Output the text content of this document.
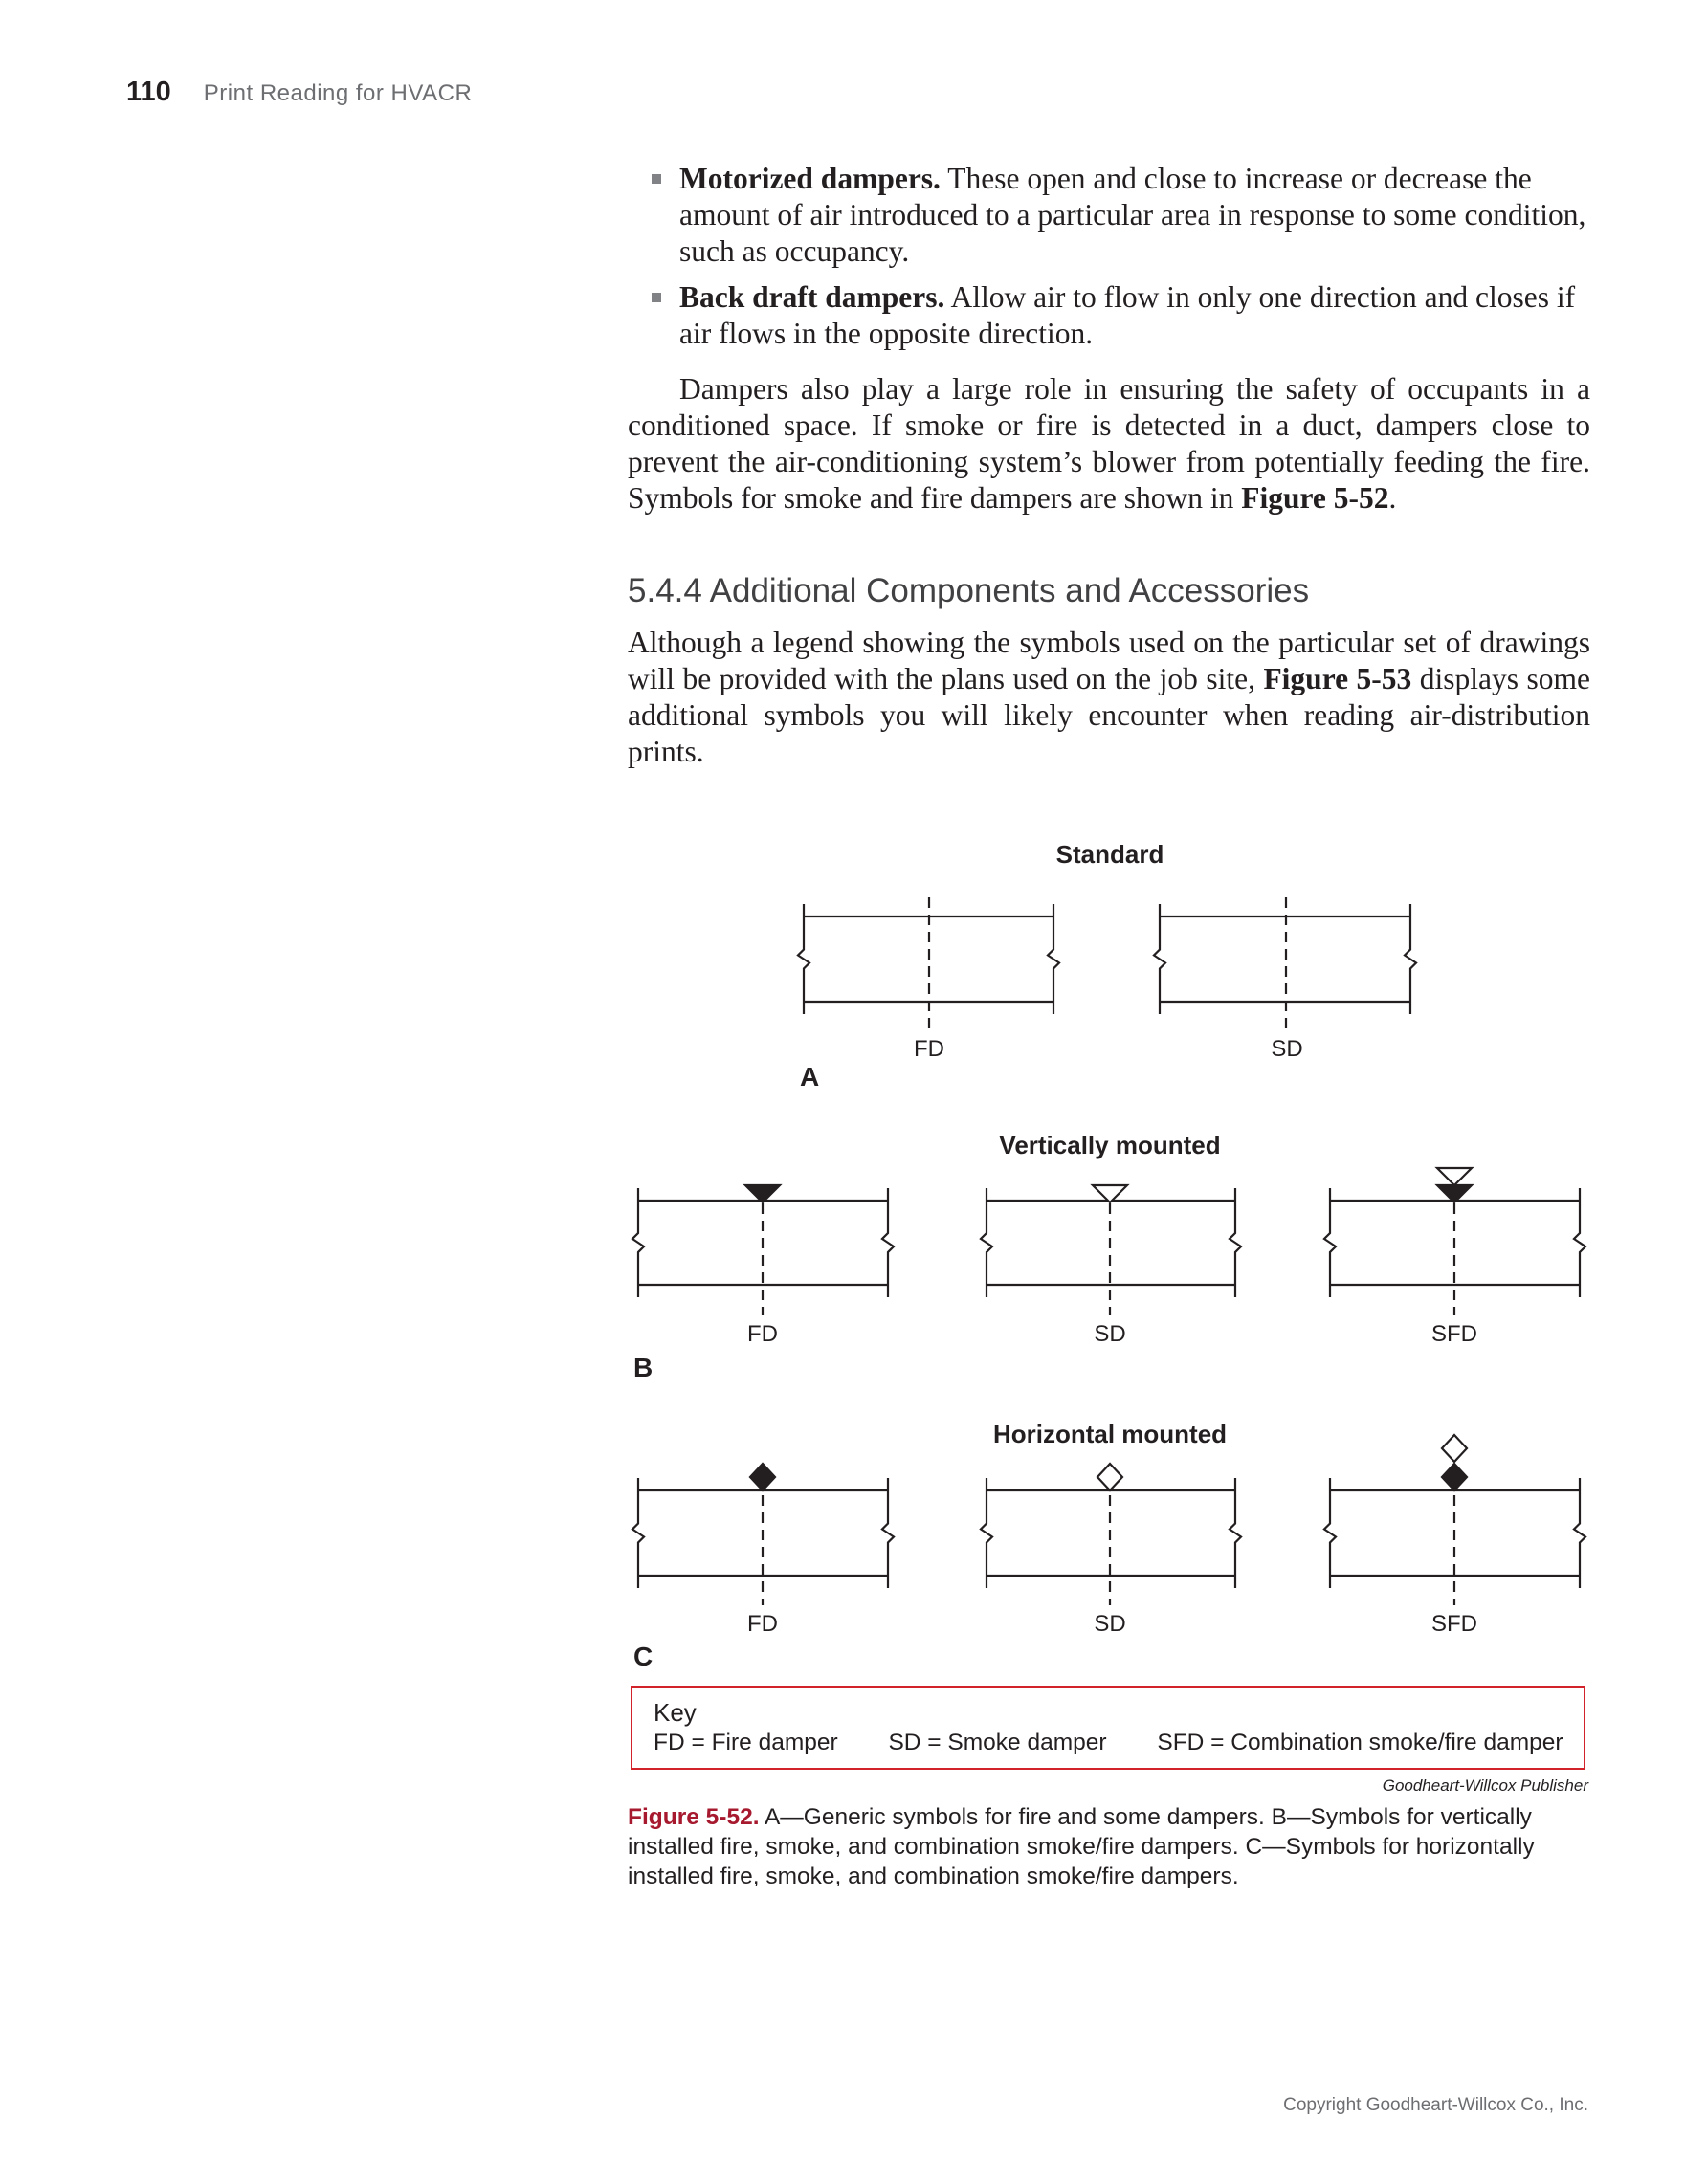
110 Print Reading for HVACR
Motorized dampers. These open and close to increase or decrease the amount of air introduced to a particular area in response to some condition, such as occupancy.
Back draft dampers. Allow air to flow in only one direction and closes if air flows in the opposite direction.
Dampers also play a large role in ensuring the safety of occupants in a conditioned space. If smoke or fire is detected in a duct, dampers close to prevent the air-conditioning system’s blower from potentially feeding the fire. Symbols for smoke and fire dampers are shown in Figure 5-52.
5.4.4 Additional Components and Accessories
Although a legend showing the symbols used on the particular set of drawings will be provided with the plans used on the job site, Figure 5-53 displays some additional symbols you will likely encounter when reading air-distribution prints.
Standard
FD	SD
A
Vertically mounted
FD	SD	SFD
B
Horizontal mounted
FD	SD	SFD
C
Key
FD = Fire damper SD = Smoke damper SFD = Combination smoke/fire damper
Goodheart-Willcox Publisher
Figure 5-52. A—Generic symbols for fire and some dampers. B—Symbols for vertically installed fire, smoke, and combination smoke/fire dampers. C—Symbols for horizontally installed fire, smoke, and combination smoke/fire dampers.
Copyright Goodheart-Willcox Co., Inc.
